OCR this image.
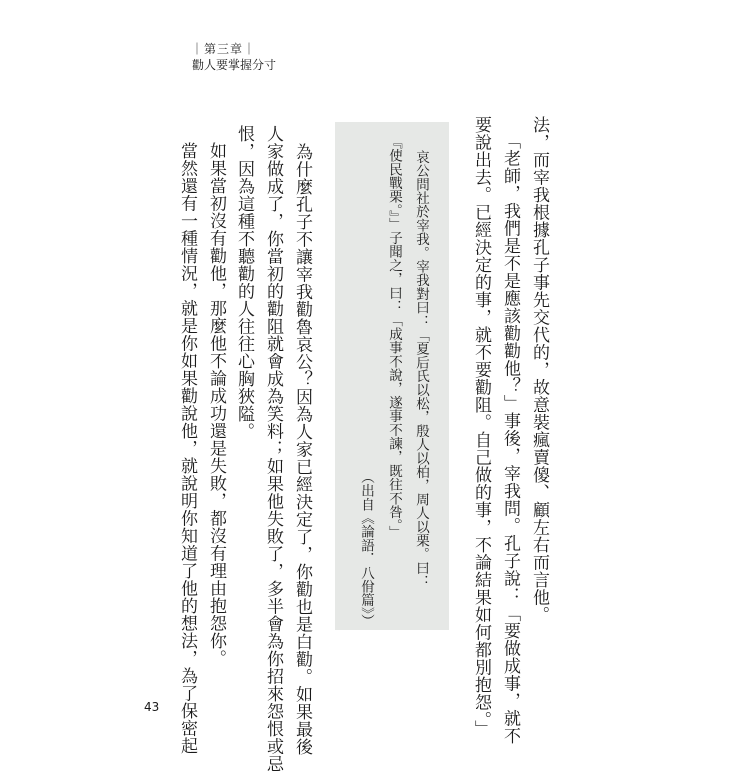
｜第三章｜
勸人要掌握分寸
法，而宰我根據孔子事先交代的，故意裝瘋賣傻、顧左右而言他。
「老師，我們是不是應該勸勸他？」事後，宰我問。孔子說：「要做成事，就不
要說出去。已經決定的事，就不要勸阻。自己做的事，不論結果如何都別抱怨。」
哀公問社於宰我。宰我對曰：「夏后氏以松，殷人以柏，周人以栗。曰：
『使民戰栗。』」子聞之，曰：「成事不說，遂事不諫，既往不咎。」
（出自《論語．八佾篇》）
為什麼孔子不讓宰我勸魯哀公？因為人家已經決定了，你勸也是白勸。如果最後
人家做成了，你當初的勸阻就會成為笑料；如果他失敗了，多半會為你招來怨恨或忌
恨，因為這種不聽勸的人往往心胸狹隘。
如果當初沒有勸他，那麼他不論成功還是失敗，都沒有理由抱怨你。
當然還有一種情況，就是你如果勸說他，就說明你知道了他的想法，為了保密起
43
